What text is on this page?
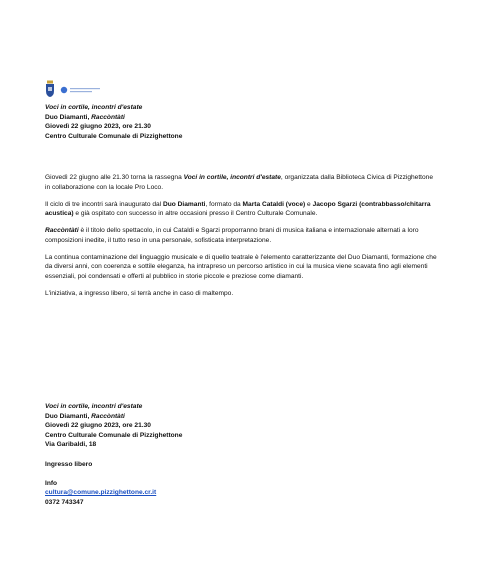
Voci in cortile, incontri d'estate
Duo Diamanti, Raccòntàti
Giovedì 22 giugno 2023, ore 21.30
Centro Culturale Comunale di Pizzighettone

Giovedì 22 giugno alle 21.30 torna la rassegna Voci in cortile, incontri d'estate, organizzata dalla Biblioteca Civica di Pizzighettone in collaborazione con la locale Pro Loco.

Il ciclo di tre incontri sarà inaugurato dal Duo Diamanti, formato da Marta Cataldi (voce) e Jacopo Sgarzi (contrabbasso/chitarra acustica) e già ospitato con successo in altre occasioni presso il Centro Culturale Comunale.

Raccòntàti è il titolo dello spettacolo, in cui Cataldi e Sgarzi proporranno brani di musica italiana e internazionale alternati a loro composizioni inedite, il tutto reso in una personale, sofisticata interpretazione.

La continua contaminazione del linguaggio musicale e di quello teatrale è l'elemento caratterizzante del Duo Diamanti, formazione che da diversi anni, con coerenza e sottile eleganza, ha intrapreso un percorso artistico in cui la musica viene scavata fino agli elementi essenziali, poi condensati e offerti al pubblico in storie piccole e preziose come diamanti.

L'iniziativa, a ingresso libero, si terrà anche in caso di maltempo.

Voci in cortile, incontri d'estate
Duo Diamanti, Raccòntàti
Giovedì 22 giugno 2023, ore 21.30
Centro Culturale Comunale di Pizzighettone
Via Garibaldi, 18
Ingresso libero
Info
cultura@comune.pizzighettone.cr.it
0372 743347
